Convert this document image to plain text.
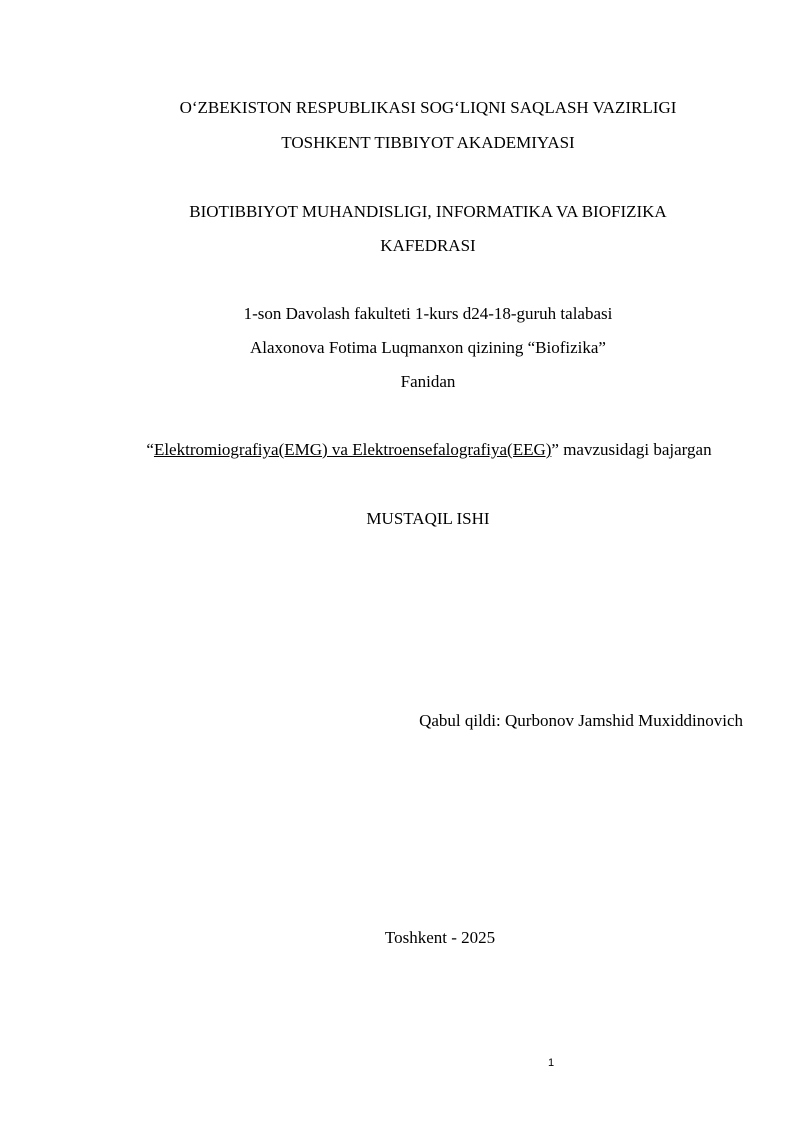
O‘ZBEKISTON RESPUBLIKASI SOG‘LIQNI SAQLASH VAZIRLIGI
TOSHKENT TIBBIYOT AKADEMIYASI
BIOTIBBIYOT MUHANDISLIGI, INFORMATIKA VA BIOFIZIKA
KAFEDRASI
1-son Davolash fakulteti 1-kurs d24-18-guruh talabasi
Alaxonova Fotima Luqmanxon qizining “Biofizika”
Fanidan
“Elektromiografiya(EMG) va Elektroensefalografiya(EEG)” mavzusidagi bajargan
MUSTAQIL ISHI
Qabul qildi: Qurbonov Jamshid Muxiddinovich
Toshkent - 2025
1
